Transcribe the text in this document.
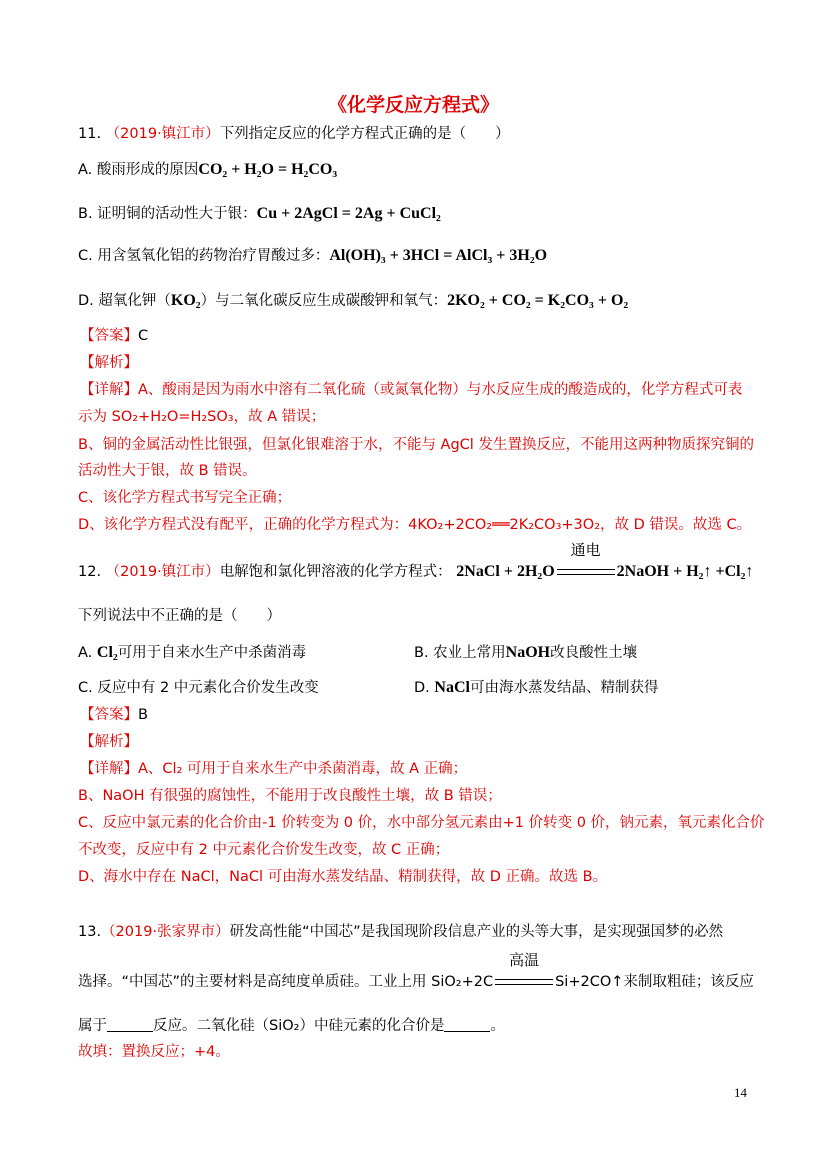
《化学反应方程式》
11. （2019·镇江市）下列指定反应的化学方程式正确的是（　　）
A. 酸雨形成的原因CO₂ + H₂O = H₂CO₃
B. 证明铜的活动性大于银：Cu + 2AgCl = 2Ag + CuCl₂
C. 用含氢氧化铝的药物治疗胃酸过多：Al(OH)₃ + 3HCl = AlCl₃ + 3H₂O
D. 超氧化钾（KO₂）与二氧化碳反应生成碳酸钾和氧气：2KO₂ + CO₂ = K₂CO₃ + O₂
【答案】C
【解析】
【详解】A、酸雨是因为雨水中溶有二氧化硫（或氮氧化物）与水反应生成的酸造成的，化学方程式可表
示为 SO₂+H₂O=H₂SO₃，故 A 错误；
B、铜的金属活动性比银强，但氯化银难溶于水，不能与 AgCl 发生置换反应，不能用这两种物质探究铜的
活动性大于银，故 B 错误。
C、该化学方程式书写完全正确；
D、该化学方程式没有配平，正确的化学方程式为：4KO₂+2CO₂══2K₂CO₃+3O₂，故 D 错误。故选 C。
12. （2019·镇江市）电解饱和氯化钾溶液的化学方程式： 2NaCl + 2H₂O
通电
2NaOH + H₂↑ +Cl₂↑
下列说法中不正确的是（　　）
A. Cl₂可用于自来水生产中杀菌消毒	B. 农业上常用NaOH改良酸性土壤
C. 反应中有 2 中元素化合价发生改变	D. NaCl可由海水蒸发结晶、精制获得
【答案】B
【解析】
【详解】A、Cl₂ 可用于自来水生产中杀菌消毒，故 A 正确；
B、NaOH 有很强的腐蚀性，不能用于改良酸性土壤，故 B 错误；
C、反应中氯元素的化合价由-1 价转变为 0 价，水中部分氢元素由+1 价转变 0 价，钠元素，氧元素化合价
不改变，反应中有 2 中元素化合价发生改变，故 C 正确；
D、海水中存在 NaCl，NaCl 可由海水蒸发结晶、精制获得，故 D 正确。故选 B。
13.（2019·张家界市）研发高性能“中国芯”是我国现阶段信息产业的头等大事，是实现强国梦的必然
选择。“中国芯”的主要材料是高纯度单质硅。工业上用 SiO₂+2C
高温
Si+2CO↑来制取粗硅；该反应
属于	反应。二氧化硅（SiO₂）中硅元素的化合价是	。
故填：置换反应；+4。
14
